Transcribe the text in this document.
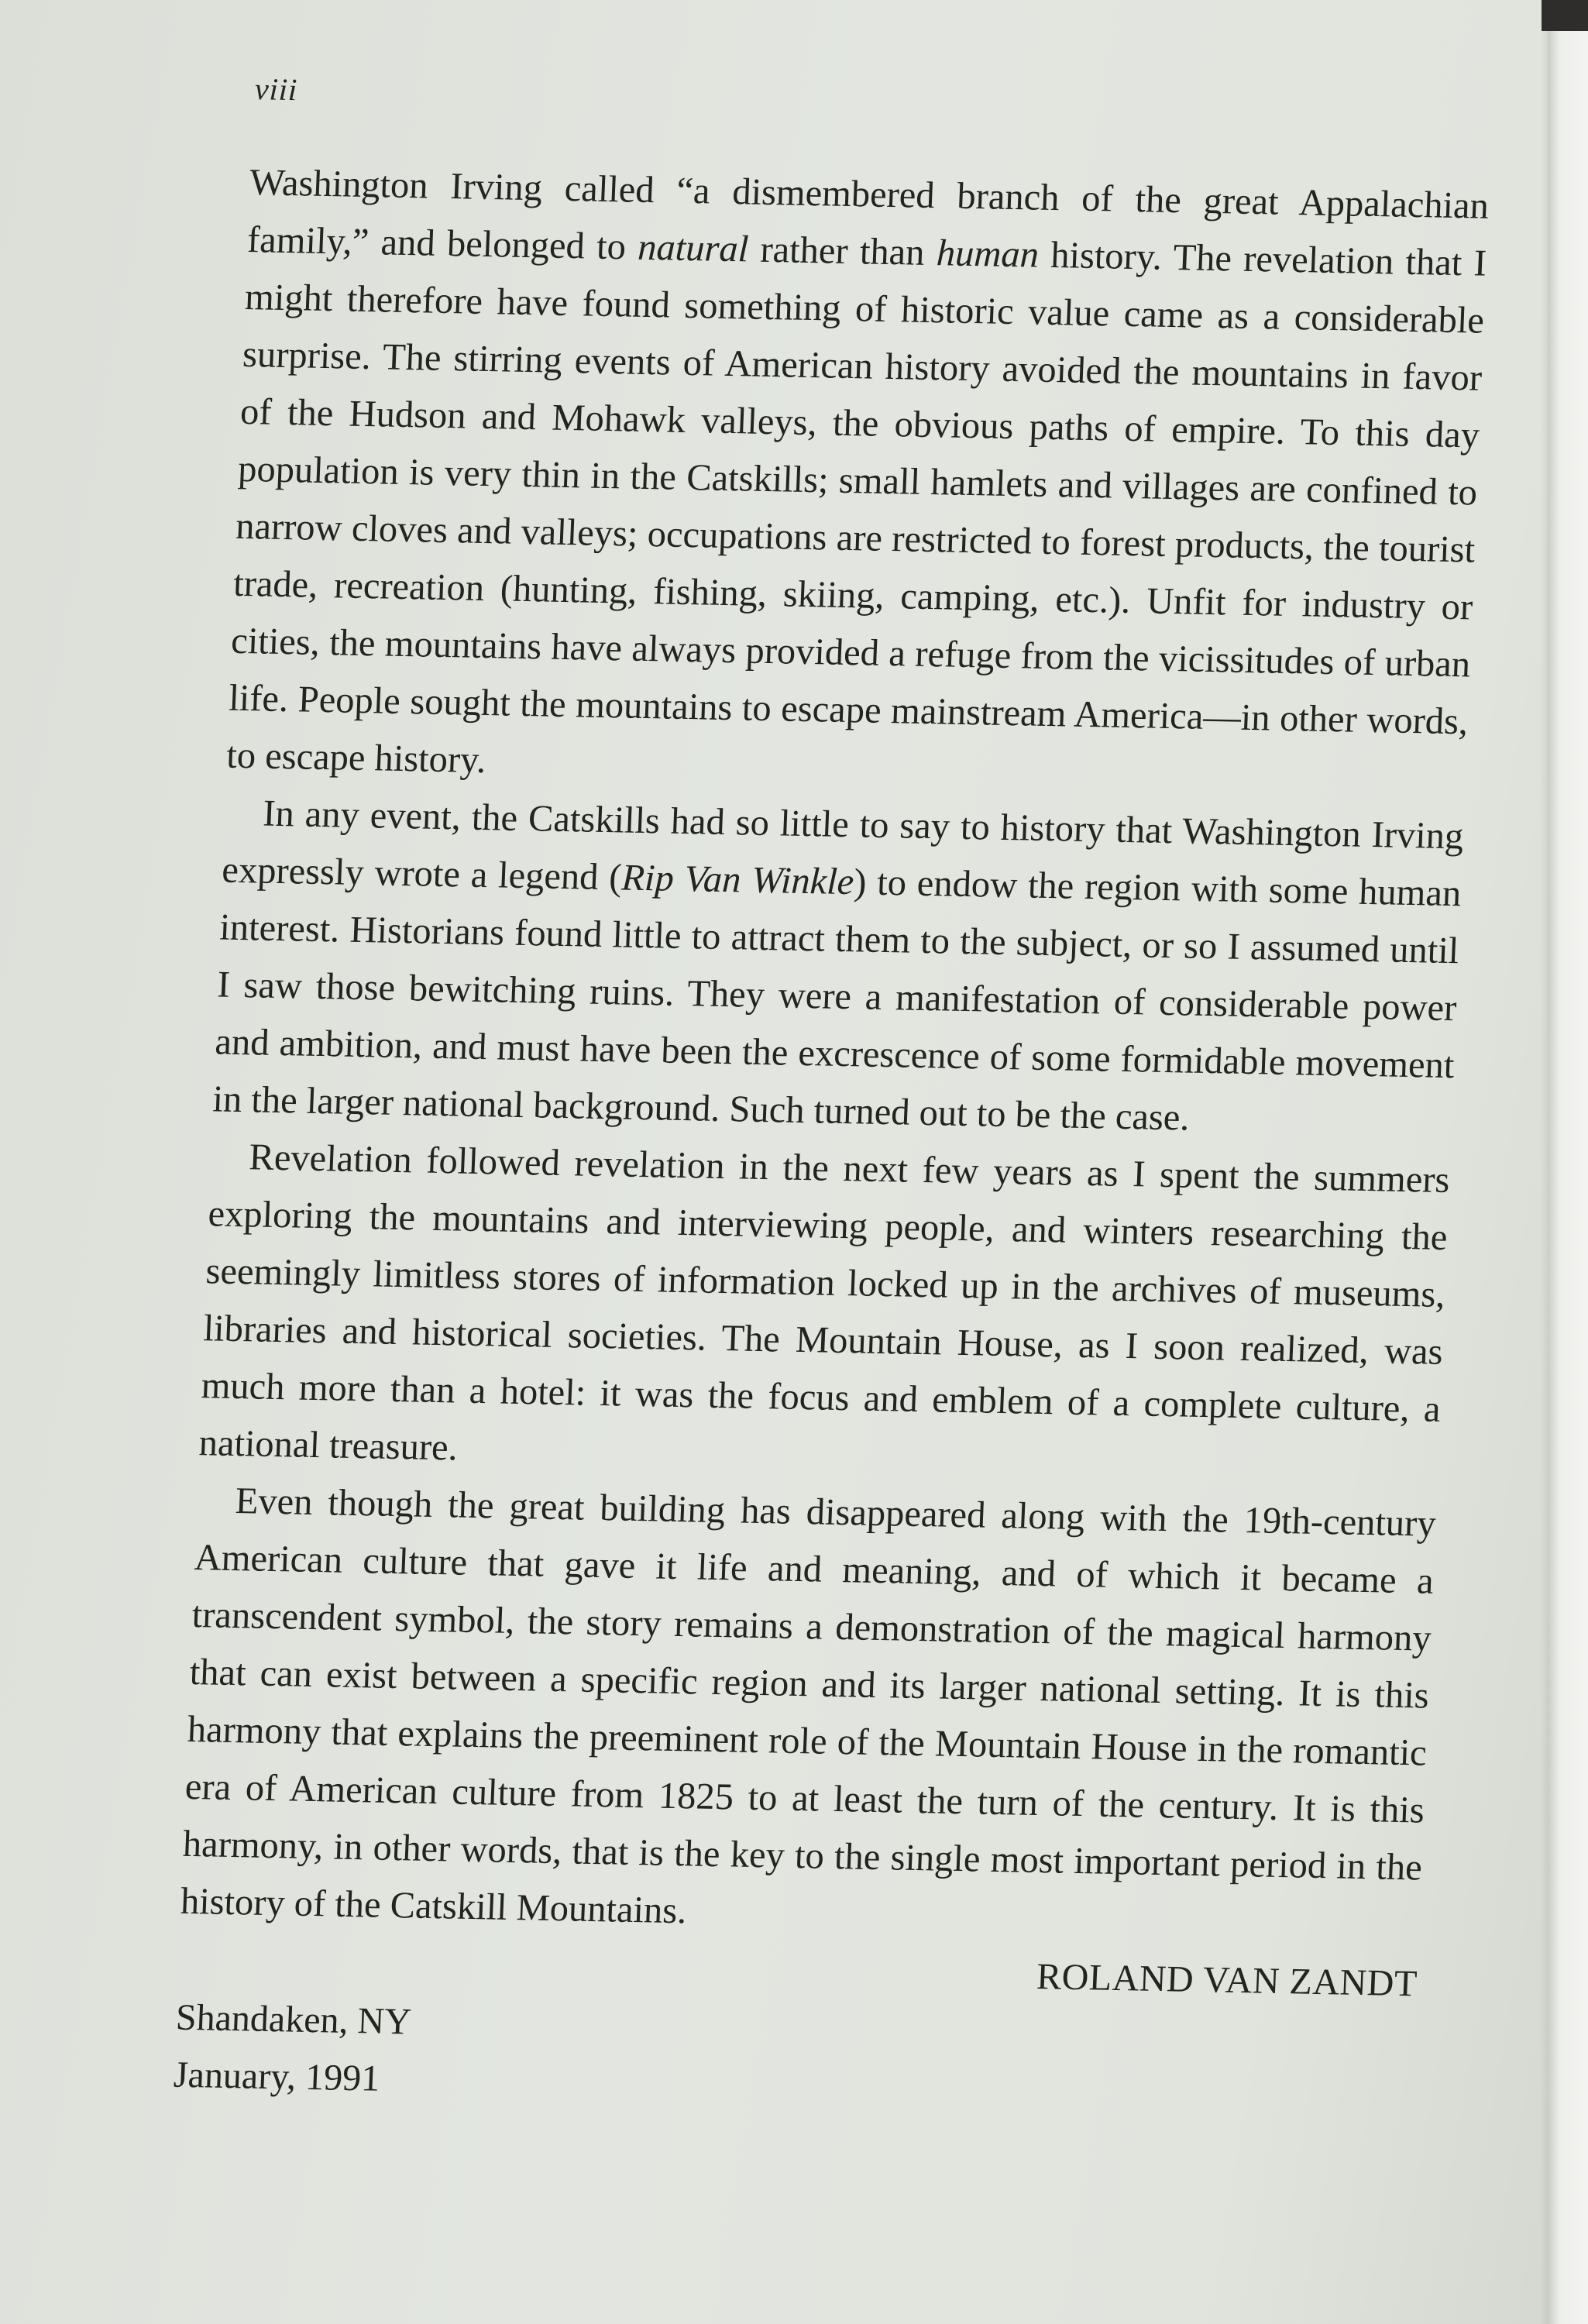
viii

Washington Irving called “a dismembered branch of the great Appalachian family,” and belonged to natural rather than human history. The revelation that I might therefore have found something of historic value came as a considerable surprise. The stirring events of American history avoided the mountains in favor of the Hudson and Mohawk valleys, the obvious paths of empire. To this day population is very thin in the Catskills; small hamlets and villages are confined to narrow cloves and valleys; occupations are restricted to forest products, the tourist trade, recreation (hunting, fishing, skiing, camping, etc.). Unfit for industry or cities, the mountains have always provided a refuge from the vicissitudes of urban life. People sought the mountains to escape mainstream America—in other words, to escape history.

In any event, the Catskills had so little to say to history that Washington Irving expressly wrote a legend (Rip Van Winkle) to endow the region with some human interest. Historians found little to attract them to the subject, or so I assumed until I saw those bewitching ruins. They were a manifestation of considerable power and ambition, and must have been the excrescence of some formidable movement in the larger national background. Such turned out to be the case.

Revelation followed revelation in the next few years as I spent the summers exploring the mountains and interviewing people, and winters researching the seemingly limitless stores of information locked up in the archives of museums, libraries and historical societies. The Mountain House, as I soon realized, was much more than a hotel: it was the focus and emblem of a complete culture, a national treasure.

Even though the great building has disappeared along with the 19th-century American culture that gave it life and meaning, and of which it became a transcendent symbol, the story remains a demonstration of the magical harmony that can exist between a specific region and its larger national setting. It is this harmony that explains the preeminent role of the Mountain House in the romantic era of American culture from 1825 to at least the turn of the century. It is this harmony, in other words, that is the key to the single most important period in the history of the Catskill Mountains.

ROLAND VAN ZANDT
Shandaken, NY
January, 1991
